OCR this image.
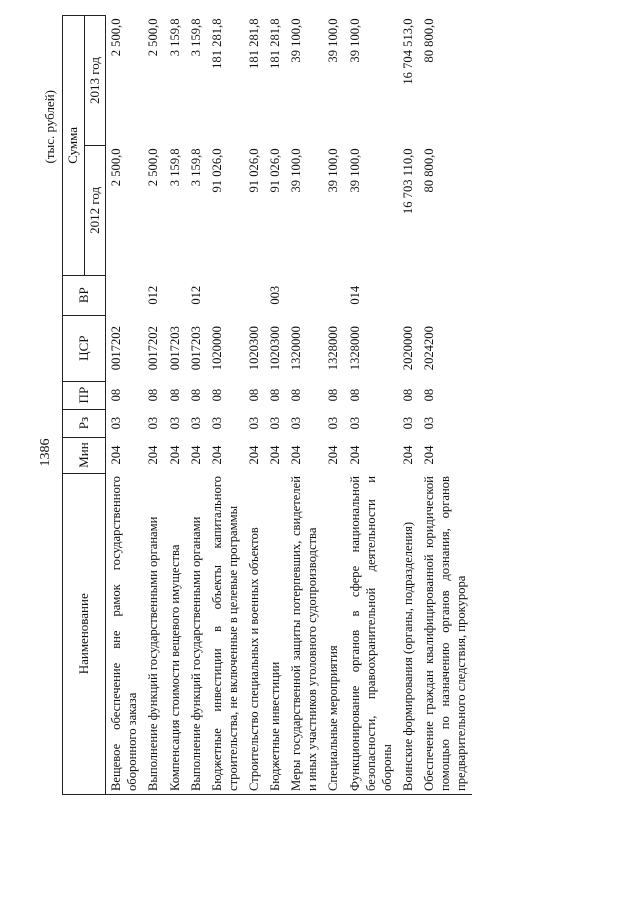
1386
(тыс. рублей)
Наименование	Мин	Рз	ПР	ЦСР	ВР	Сумма	
						2012 год	2013 год
Вещевое обеспечение вне рамок государственного оборонного заказа	204	03	08	0017202		2 500,0	2 500,0
Выполнение функций государственными органами	204	03	08	0017202	012	2 500,0	2 500,0
Компенсация стоимости вещевого имущества	204	03	08	0017203		3 159,8	3 159,8
Выполнение функций государственными органами	204	03	08	0017203	012	3 159,8	3 159,8
Бюджетные инвестиции в объекты капитального строительства, не включенные в целевые программы	204	03	08	1020000		91 026,0	181 281,8
Строительство специальных и военных объектов	204	03	08	1020300		91 026,0	181 281,8
Бюджетные инвестиции	204	03	08	1020300	003	91 026,0	181 281,8
Меры государственной защиты потерпевших, свидетелей и иных участников уголовного судопроизводства	204	03	08	1320000		39 100,0	39 100,0
Специальные мероприятия	204	03	08	1328000		39 100,0	39 100,0
Функционирование органов в сфере национальной безопасности, правоохранительной деятельности и обороны	204	03	08	1328000	014	39 100,0	39 100,0
Воинские формирования (органы, подразделения)	204	03	08	2020000		16 703 110,0	16 704 513,0
Обеспечение граждан квалифицированной юридической помощью по назначению органов дознания, органов предварительного следствия, прокурора	204	03	08	2024200		80 800,0	80 800,0
